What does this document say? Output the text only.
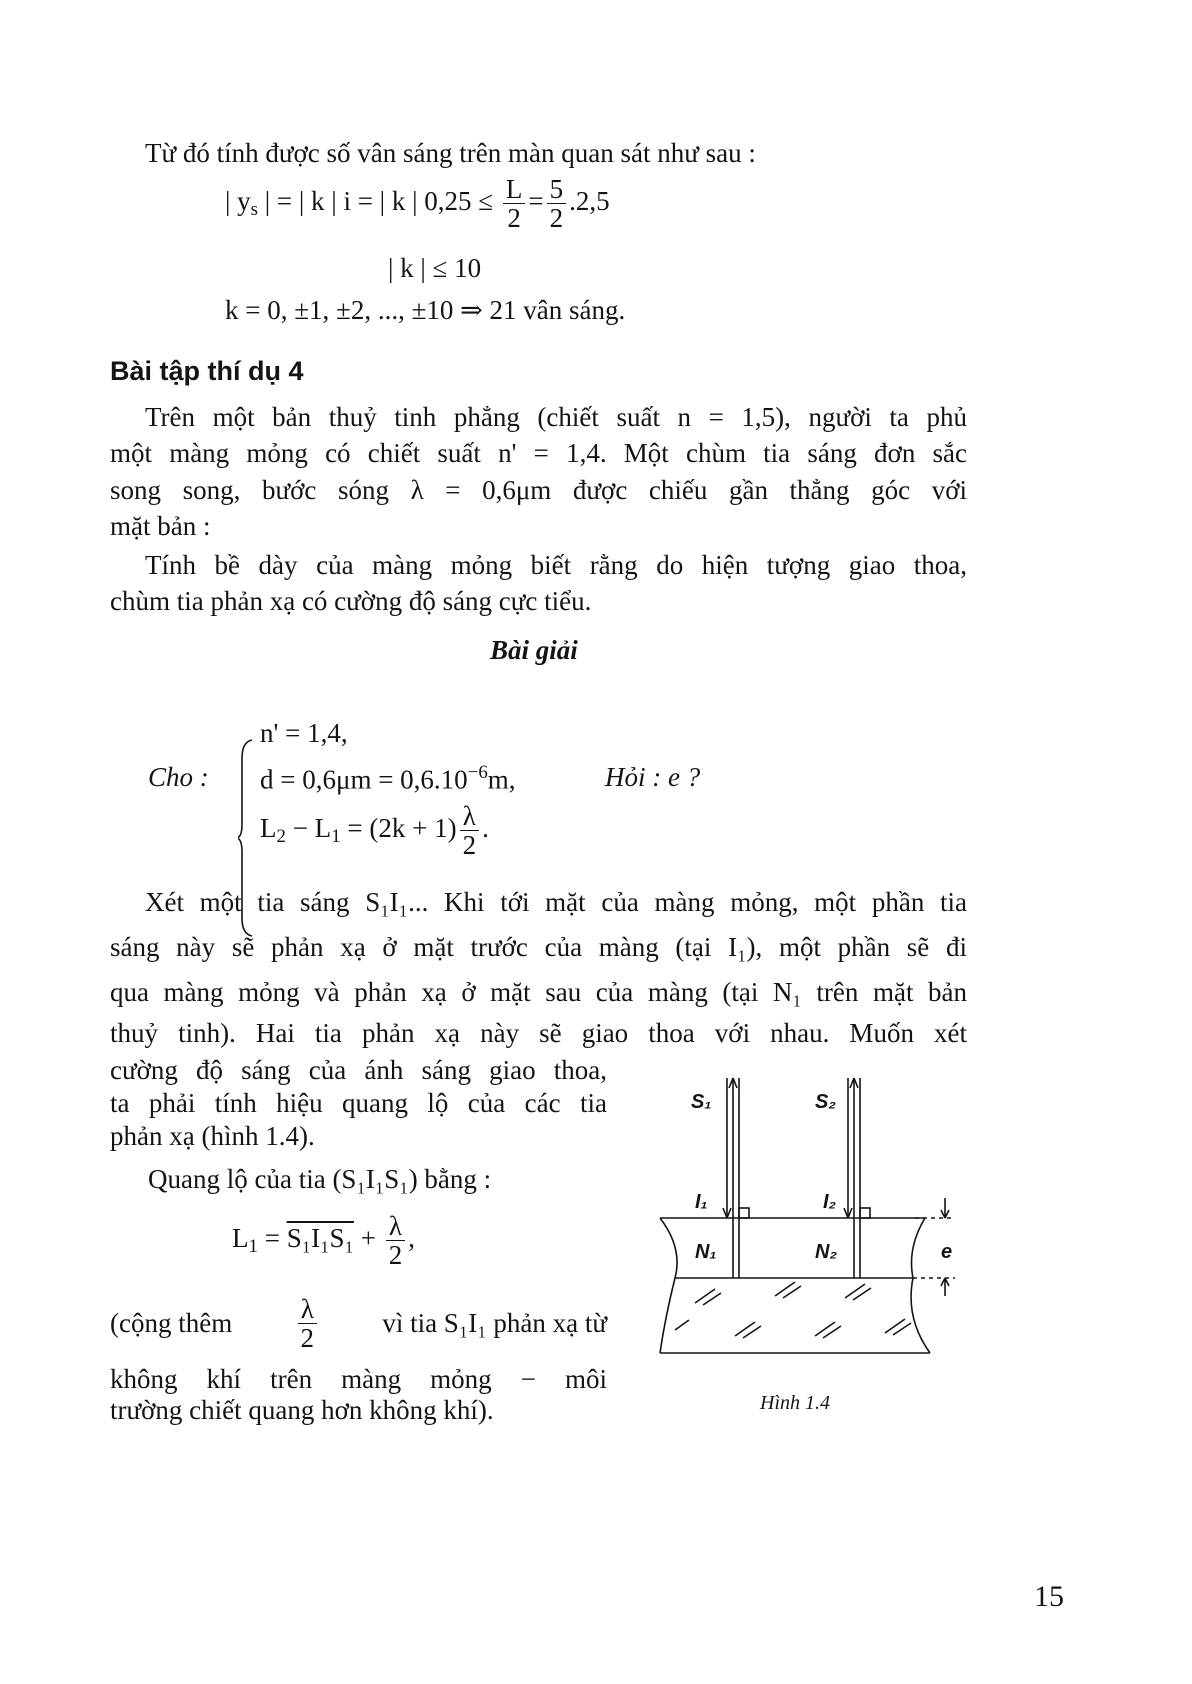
Từ đó tính được số vân sáng trên màn quan sát như sau :
| $y_s$ | = | k | i = | k | $0,25 \le \frac{L}{2} = \frac{5}{2} .2,5$
| k | ≤ 10
k = 0, ±1, ±2, ..., ±10 ⇒ 21 vân sáng.
Bài tập thí dụ 4
Trên một bản thuỷ tinh phẳng (chiết suất n = 1,5), người ta phủ
một màng mỏng có chiết suất n' = 1,4. Một chùm tia sáng đơn sắc
song song, bước sóng λ = 0,6μm được chiếu gần thẳng góc với
mặt bản :
Tính bề dày của màng mỏng biết rằng do hiện tượng giao thoa,
chùm tia phản xạ có cường độ sáng cực tiểu.
Bài giải
Cho :
n' = 1,4,
$d = 0,6\mu m = 0,6.10^{-6}m$,	Hỏi : e ?
$L_2 - L_1 = (2k + 1) \frac{\lambda}{2}$ .
Xét một tia sáng S₁I₁... Khi tới mặt của màng mỏng, một phần tia
sáng này sẽ phản xạ ở mặt trước của màng (tại I₁), một phần sẽ đi
qua màng mỏng và phản xạ ở mặt sau của màng (tại N₁ trên mặt bản
thuỷ tinh). Hai tia phản xạ này sẽ giao thoa với nhau. Muốn xét
cường độ sáng của ánh sáng giao thoa,
ta phải tính hiệu quang lộ của các tia
phản xạ (hình 1.4).
Quang lộ của tia (S₁I₁S₁) bằng :
$L_1 = S_1I_1S_1 + \frac{\lambda}{2}$ ,
(cộng thêm $\frac{\lambda}{2}$ vì tia S₁I₁ phản xạ từ
không khí trên màng mỏng − môi
trường chiết quang hơn không khí).
S₁	S₂
I₁	I₂
N₁	N₂	e
Hình 1.4
15
